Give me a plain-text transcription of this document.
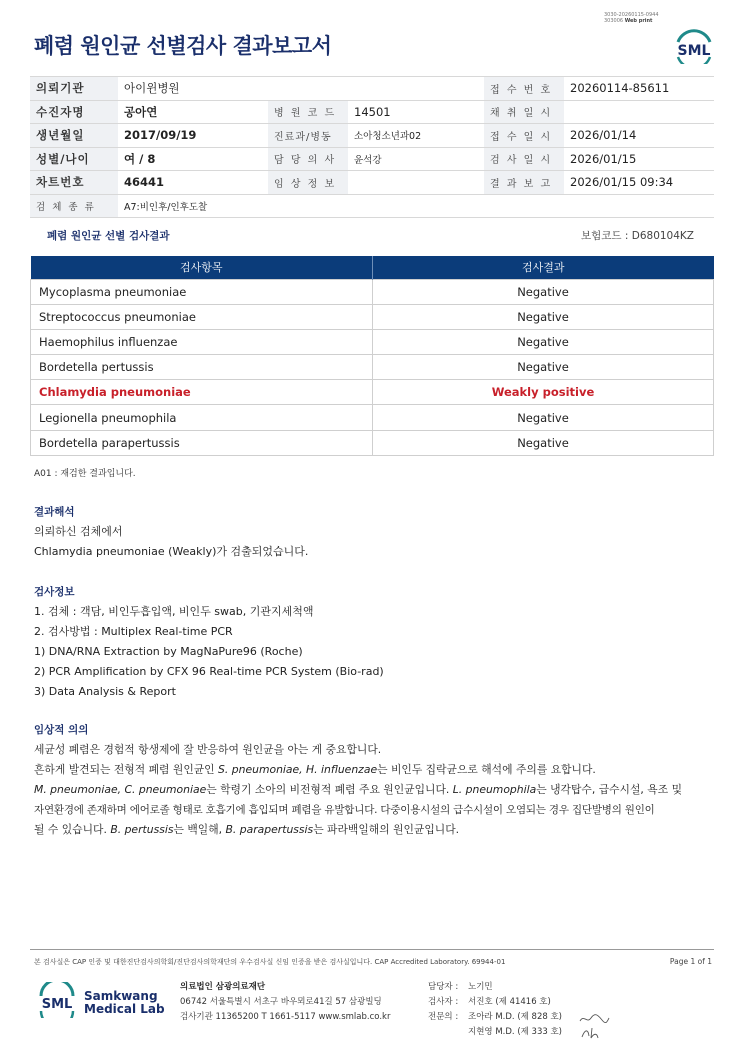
3030-20260115-0944
303006 Web print
폐렴 원인균 선별검사 결과보고서	SML
의뢰기관	아이윈병원			접 수 번 호	20260114-85611
수진자명	공아연	병 원 코 드	14501	채 취 일 시	
생년월일	2017/09/19	진료과/병동	소아청소년과02	접 수 일 시	2026/01/14
성별/나이	여 / 8	담 당 의 사	윤석강	검 사 일 시	2026/01/15
차트번호	46441	임 상 정 보		결 과 보 고	2026/01/15 09:34
검 체 종 류	A7:비인후/인후도찰				
폐렴 원인균 선별 검사결과	보험코드 : D680104KZ
검사항목	검사결과
Mycoplasma pneumoniae	Negative
Streptococcus pneumoniae	Negative
Haemophilus influenzae	Negative
Bordetella pertussis	Negative
Chlamydia pneumoniae	Weakly positive
Legionella pneumophila	Negative
Bordetella parapertussis	Negative
A01 : 재검한 결과입니다.
결과해석
의뢰하신 검체에서
Chlamydia pneumoniae (Weakly)가 검출되었습니다.
검사정보
1. 검체 : 객담, 비인두흡입액, 비인두 swab, 기관지세척액
2. 검사방법 : Multiplex Real-time PCR
1) DNA/RNA Extraction by MagNaPure96 (Roche)
2) PCR Amplification by CFX 96 Real-time PCR System (Bio-rad)
3) Data Analysis & Report
임상적 의의
세균성 폐렴은 경험적 항생제에 잘 반응하여 원인균을 아는 게 중요합니다.
흔하게 발견되는 전형적 폐렴 원인균인 S. pneumoniae, H. influenzae는 비인두 집락균으로 해석에 주의를 요합니다.
M. pneumoniae, C. pneumoniae는 학령기 소아의 비전형적 폐렴 주요 원인균입니다. L. pneumophila는 냉각탑수, 급수시설, 욕조 및
자연환경에 존재하며 에어로졸 형태로 호흡기에 흡입되며 폐렴을 유발합니다. 다중이용시설의 급수시설이 오염되는 경우 집단발병의 원인이
될 수 있습니다. B. pertussis는 백일해, B. parapertussis는 파라백일해의 원인균입니다.
본 검사실은 CAP 인증 및 대한진단검사의학회/진단검사의학재단의 우수검사실 신임 인증을 받은 검사실입니다. CAP Accredited Laboratory. 69944-01	Page 1 of 1
SML
Samkwang
Medical Lab
의료법인 삼광의료재단
06742 서울특별시 서초구 바우뫼로41길 57 삼광빌딩
검사기관 11365200 T 1661-5117 www.smlab.co.kr
담당자 :	노기민
검사자 :	서진호 (제 41416 호)
전문의 :	조아라 M.D. (제 828 호)
지현영 M.D. (제 333 호)
